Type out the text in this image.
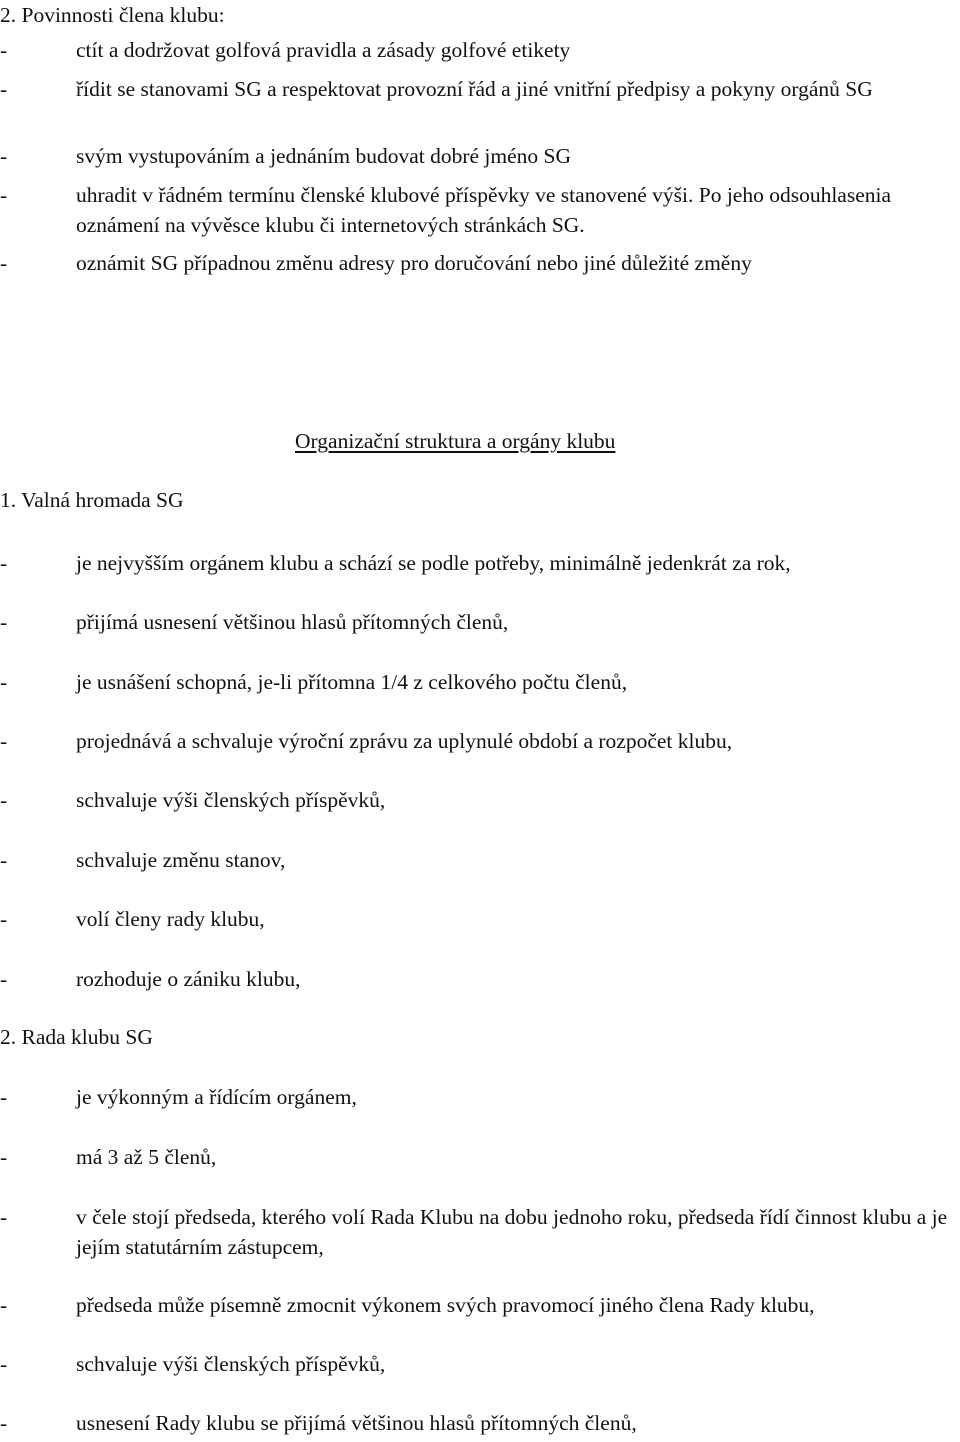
2. Povinnosti člena klubu:
-	ctít a dodržovat golfová pravidla a zásady golfové etikety
-	řídit se stanovami SG a respektovat provozní řád a jiné vnitřní předpisy a pokyny orgánů SG
-	svým vystupováním a jednáním budovat dobré jméno SG
-	uhradit v řádném termínu členské klubové příspěvky ve stanovené výši. Po jeho odsouhlasenia oznámení na vývěsce klubu či internetových stránkách SG.
-	oznámit SG případnou změnu adresy pro doručování nebo jiné důležité změny
Organizační struktura a orgány klubu
1. Valná hromada SG
-	je nejvyšším orgánem klubu a schází se podle potřeby, minimálně jedenkrát za rok,
-	přijímá usnesení většinou hlasů přítomných členů,
-	je usnášení schopná, je-li přítomna 1/4 z celkového počtu členů,
-	projednává a schvaluje výroční zprávu za uplynulé období a rozpočet klubu,
-	schvaluje výši členských příspěvků,
-	schvaluje změnu stanov,
-	volí členy rady klubu,
-	rozhoduje o zániku klubu,
2. Rada klubu SG
-	je výkonným a řídícím orgánem,
-	má 3 až 5 členů,
-	v čele stojí předseda, kterého volí Rada Klubu na dobu jednoho roku, předseda řídí činnost klubu a je jejím statutárním zástupcem,
-	předseda může písemně zmocnit výkonem svých pravomocí jiného člena Rady klubu,
-	schvaluje výši členských příspěvků,
-	usnesení Rady klubu se přijímá většinou hlasů přítomných členů,
